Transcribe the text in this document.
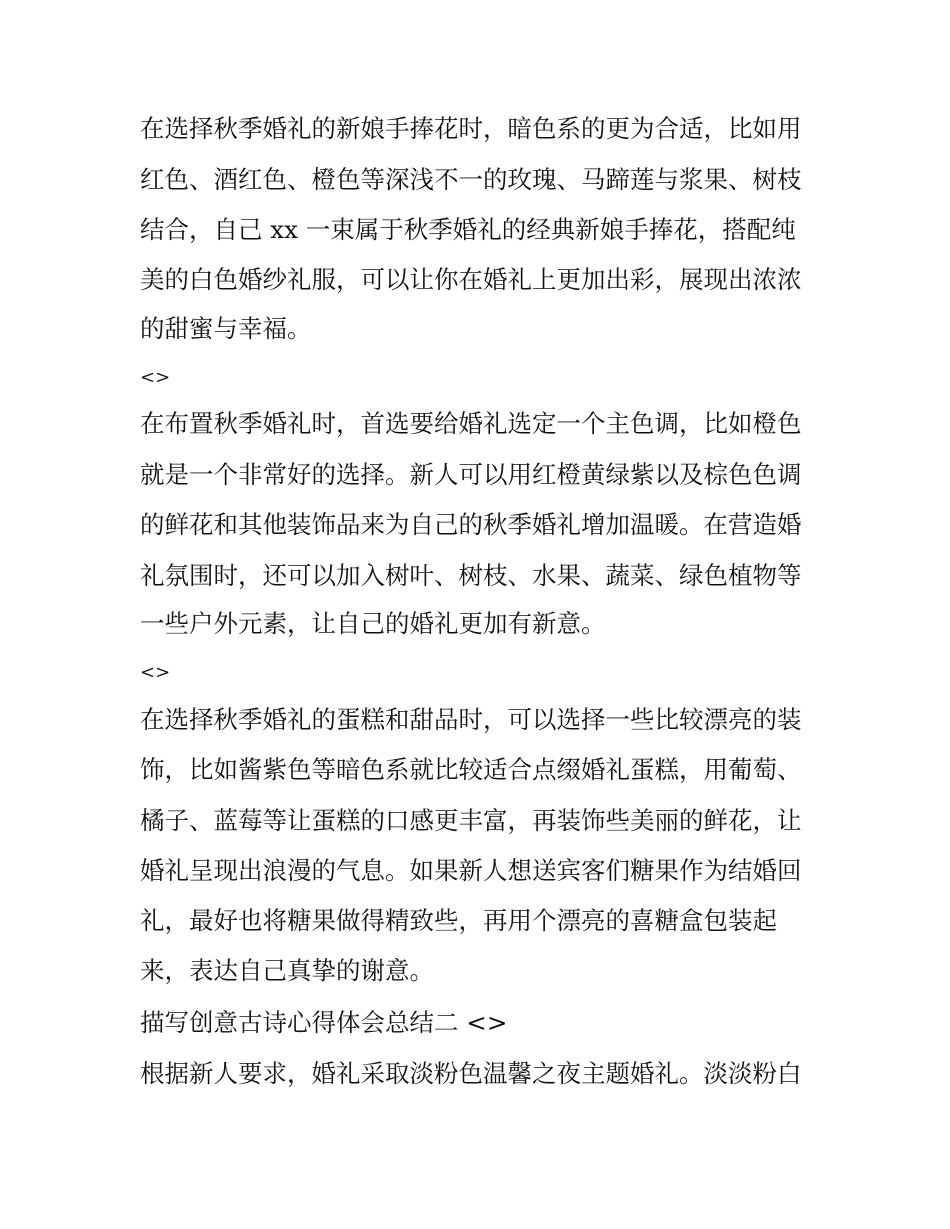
在选择秋季婚礼的新娘手捧花时，暗色系的更为合适，比如用
红色、酒红色、橙色等深浅不一的玫瑰、马蹄莲与浆果、树枝
结合，自己 xx 一束属于秋季婚礼的经典新娘手捧花，搭配纯
美的白色婚纱礼服，可以让你在婚礼上更加出彩，展现出浓浓
的甜蜜与幸福。
<>
在布置秋季婚礼时，首选要给婚礼选定一个主色调，比如橙色
就是一个非常好的选择。新人可以用红橙黄绿紫以及棕色色调
的鲜花和其他装饰品来为自己的秋季婚礼增加温暖。在营造婚
礼氛围时，还可以加入树叶、树枝、水果、蔬菜、绿色植物等
一些户外元素，让自己的婚礼更加有新意。
<>
在选择秋季婚礼的蛋糕和甜品时，可以选择一些比较漂亮的装
饰，比如酱紫色等暗色系就比较适合点缀婚礼蛋糕，用葡萄、
橘子、蓝莓等让蛋糕的口感更丰富，再装饰些美丽的鲜花，让
婚礼呈现出浪漫的气息。如果新人想送宾客们糖果作为结婚回
礼，最好也将糖果做得精致些，再用个漂亮的喜糖盒包装起
来，表达自己真挚的谢意。
描写创意古诗心得体会总结二 <>
根据新人要求，婚礼采取淡粉色温馨之夜主题婚礼。淡淡粉白
